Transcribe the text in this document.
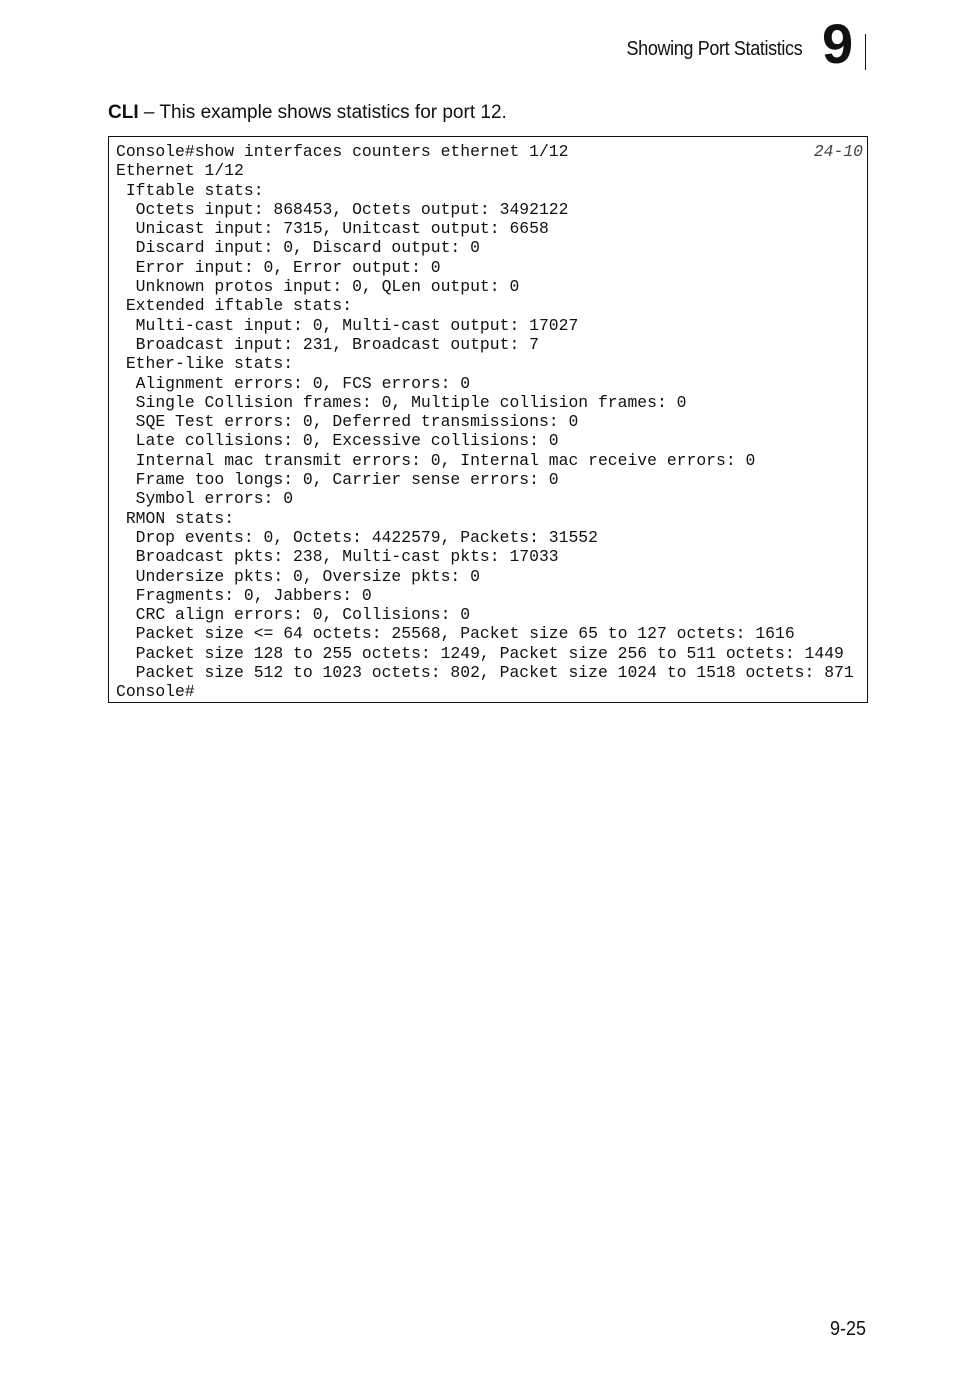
Showing Port Statistics 9
CLI – This example shows statistics for port 12.
24-10
Console#show interfaces counters ethernet 1/12
Ethernet 1/12
Iftable stats:
Octets input: 868453, Octets output: 3492122
Unicast input: 7315, Unitcast output: 6658
Discard input: 0, Discard output: 0
Error input: 0, Error output: 0
Unknown protos input: 0, QLen output: 0
Extended iftable stats:
Multi-cast input: 0, Multi-cast output: 17027
Broadcast input: 231, Broadcast output: 7
Ether-like stats:
Alignment errors: 0, FCS errors: 0
Single Collision frames: 0, Multiple collision frames: 0
SQE Test errors: 0, Deferred transmissions: 0
Late collisions: 0, Excessive collisions: 0
Internal mac transmit errors: 0, Internal mac receive errors: 0
Frame too longs: 0, Carrier sense errors: 0
Symbol errors: 0
RMON stats:
Drop events: 0, Octets: 4422579, Packets: 31552
Broadcast pkts: 238, Multi-cast pkts: 17033
Undersize pkts: 0, Oversize pkts: 0
Fragments: 0, Jabbers: 0
CRC align errors: 0, Collisions: 0
Packet size <= 64 octets: 25568, Packet size 65 to 127 octets: 1616
Packet size 128 to 255 octets: 1249, Packet size 256 to 511 octets: 1449
Packet size 512 to 1023 octets: 802, Packet size 1024 to 1518 octets: 871
Console#
9-25
